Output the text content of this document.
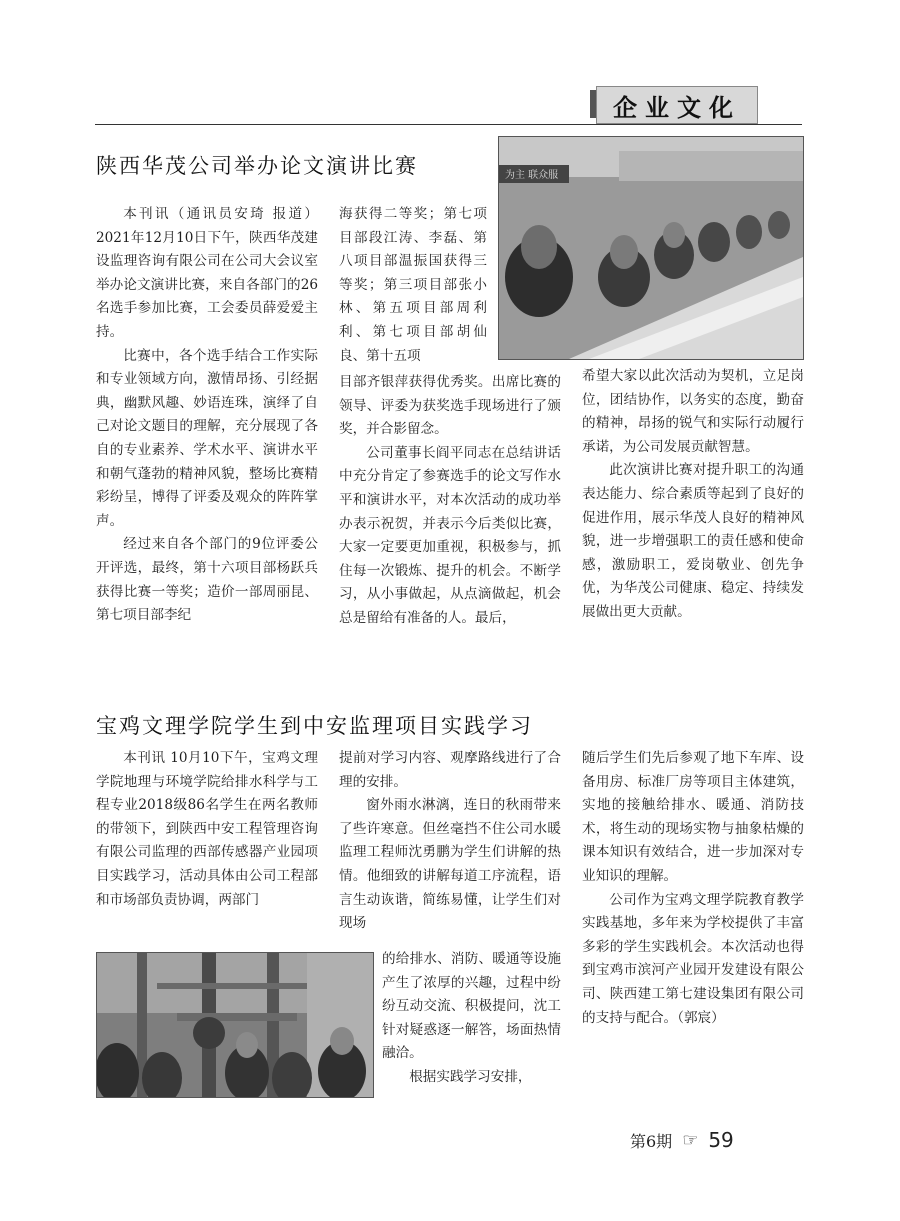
企业文化
陕西华茂公司举办论文演讲比赛	为主 联众服

本刊讯（通讯员安琦 报道）2021年12月10日下午，陕西华茂建设监理咨询有限公司在公司大会议室举办论文演讲比赛，来自各部门的26名选手参加比赛，工会委员薛爱爱主持。

比赛中，各个选手结合工作实际和专业领域方向，激情昂扬、引经据典，幽默风趣、妙语连珠，演绎了自己对论文题目的理解，充分展现了各自的专业素养、学术水平、演讲水平和朝气蓬勃的精神风貌，整场比赛精彩纷呈，博得了评委及观众的阵阵掌声。

经过来自各个部门的9位评委公开评选，最终，第十六项目部杨跃兵获得比赛一等奖；造价一部周丽昆、第七项目部李纪

海获得二等奖；第七项目部段江涛、李磊、第八项目部温振国获得三等奖；第三项目部张小林、第五项目部周利利、第七项目部胡仙良、第十五项

目部齐银萍获得优秀奖。出席比赛的领导、评委为获奖选手现场进行了颁奖，并合影留念。

公司董事长阎平同志在总结讲话中充分肯定了参赛选手的论文写作水平和演讲水平，对本次活动的成功举办表示祝贺，并表示今后类似比赛，大家一定要更加重视，积极参与，抓住每一次锻炼、提升的机会。不断学习，从小事做起，从点滴做起，机会总是留给有准备的人。最后，

希望大家以此次活动为契机，立足岗位，团结协作，以务实的态度，勤奋的精神，昂扬的锐气和实际行动履行承诺，为公司发展贡献智慧。

此次演讲比赛对提升职工的沟通表达能力、综合素质等起到了良好的促进作用，展示华茂人良好的精神风貌，进一步增强职工的责任感和使命感，激励职工，爱岗敬业、创先争优，为华茂公司健康、稳定、持续发展做出更大贡献。

宝鸡文理学院学生到中安监理项目实践学习

本刊讯 10月10下午，宝鸡文理学院地理与环境学院给排水科学与工程专业2018级86名学生在两名教师的带领下，到陕西中安工程管理咨询有限公司监理的西部传感器产业园项目实践学习，活动具体由公司工程部和市场部负责协调，两部门

提前对学习内容、观摩路线进行了合理的安排。

窗外雨水淋漓，连日的秋雨带来了些许寒意。但丝毫挡不住公司水暖监理工程师沈勇鹏为学生们讲解的热情。他细致的讲解每道工序流程，语言生动诙谐，简练易懂，让学生们对现场

的给排水、消防、暖通等设施产生了浓厚的兴趣，过程中纷纷互动交流、积极提问，沈工针对疑惑逐一解答，场面热情融洽。

根据实践学习安排，

随后学生们先后参观了地下车库、设备用房、标准厂房等项目主体建筑，实地的接触给排水、暖通、消防技术，将生动的现场实物与抽象枯燥的课本知识有效结合，进一步加深对专业知识的理解。

公司作为宝鸡文理学院教育教学实践基地，多年来为学校提供了丰富多彩的学生实践机会。本次活动也得到宝鸡市滨河产业园开发建设有限公司、陕西建工第七建设集团有限公司的支持与配合。（郭宸）

第6期 ☞ 59
